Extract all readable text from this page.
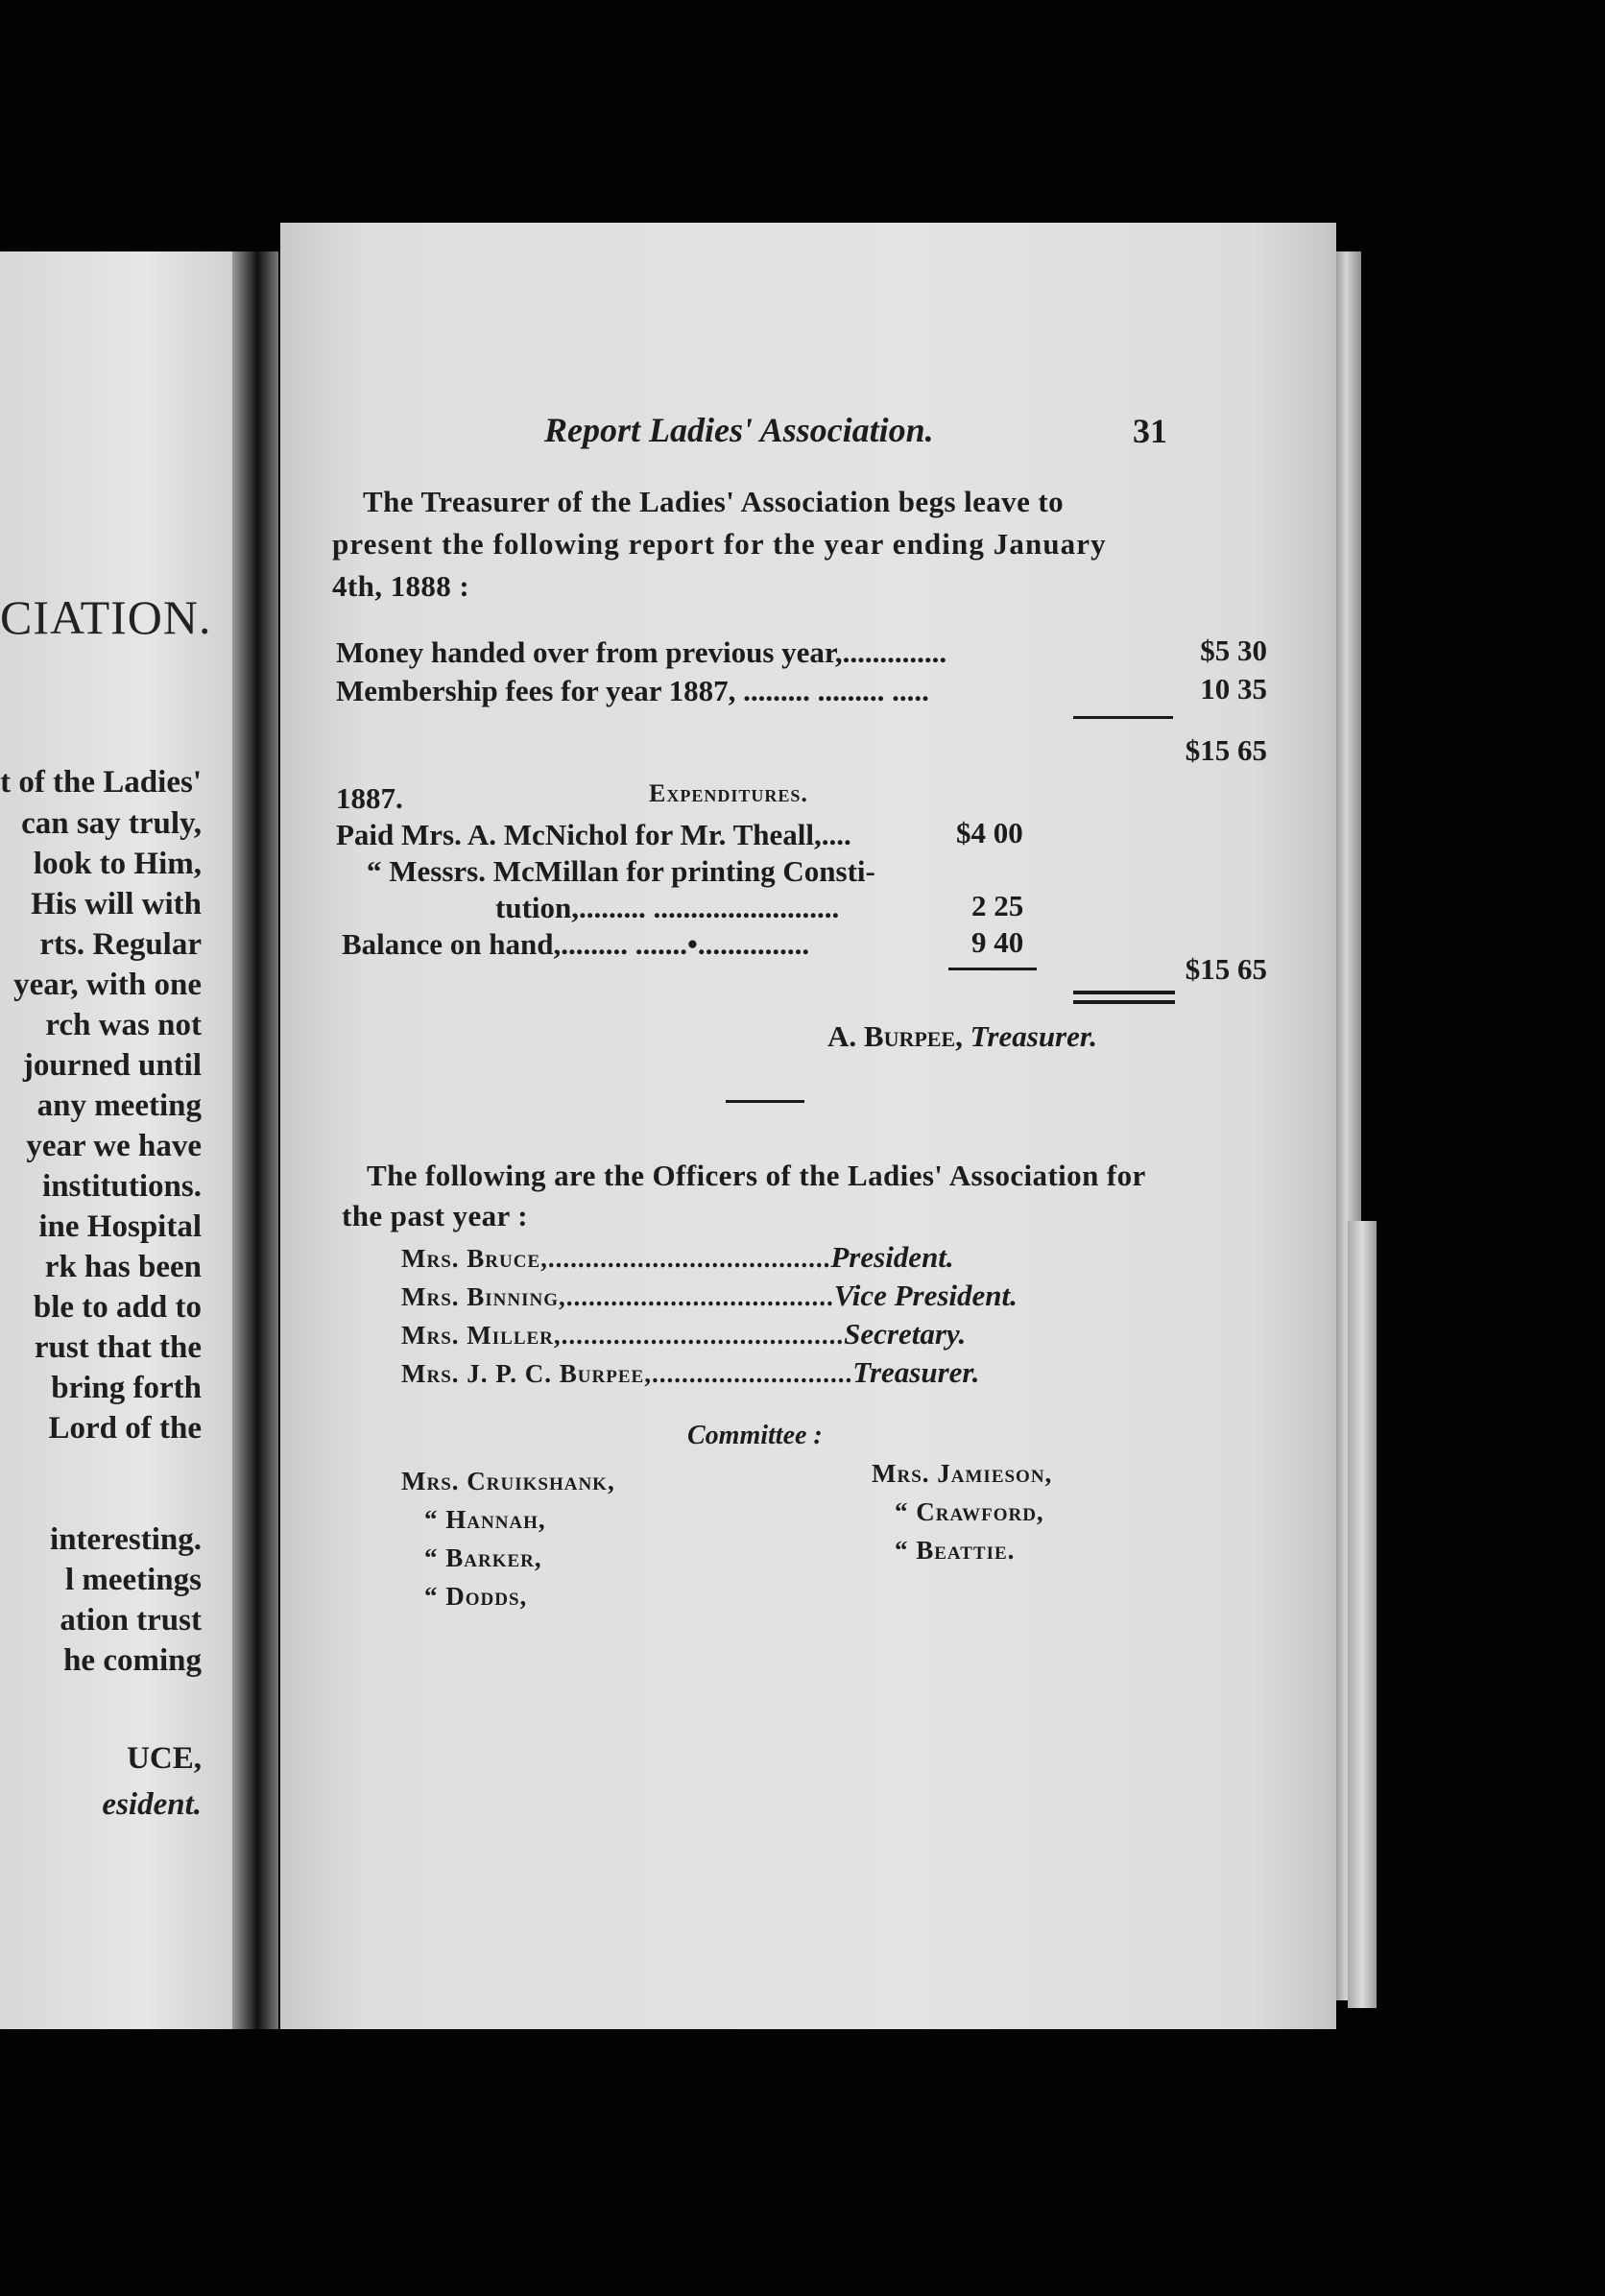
CIATION.
t of the Ladies'
can say truly,
look to Him,
His will with
rts. Regular
year, with one
rch was not
journed until
any meeting
year we have
institutions.
ine Hospital
rk has been
ble to add to
rust that the
bring forth
Lord of the
interesting.
l meetings
ation trust
he coming
UCE,
esident.
Report Ladies' Association.	31
The Treasurer of the Ladies' Association begs leave to
present the following report for the year ending January
4th, 1888 :
Money handed over from previous year,..............	$5 30
Membership fees for year 1887, ......... ......... .....	10 35
$15 65
1887.	Expenditures.
Paid Mrs. A. McNichol for Mr. Theall,....	$4 00
“ Messrs. McMillan for printing Consti-
tution,......... .........................	2 25
Balance on hand,......... .......•...............	9 40
$15 65
A. Burpee, Treasurer.
The following are the Officers of the Ladies' Association for
the past year :
Mrs. Bruce,......................................President.
Mrs. Binning,....................................Vice President.
Mrs. Miller,......................................Secretary.
Mrs. J. P. C. Burpee,...........................Treasurer.
Committee :
Mrs. Cruikshank,
“ Hannah,
“ Barker,
“ Dodds,
Mrs. Jamieson,
“ Crawford,
“ Beattie.
